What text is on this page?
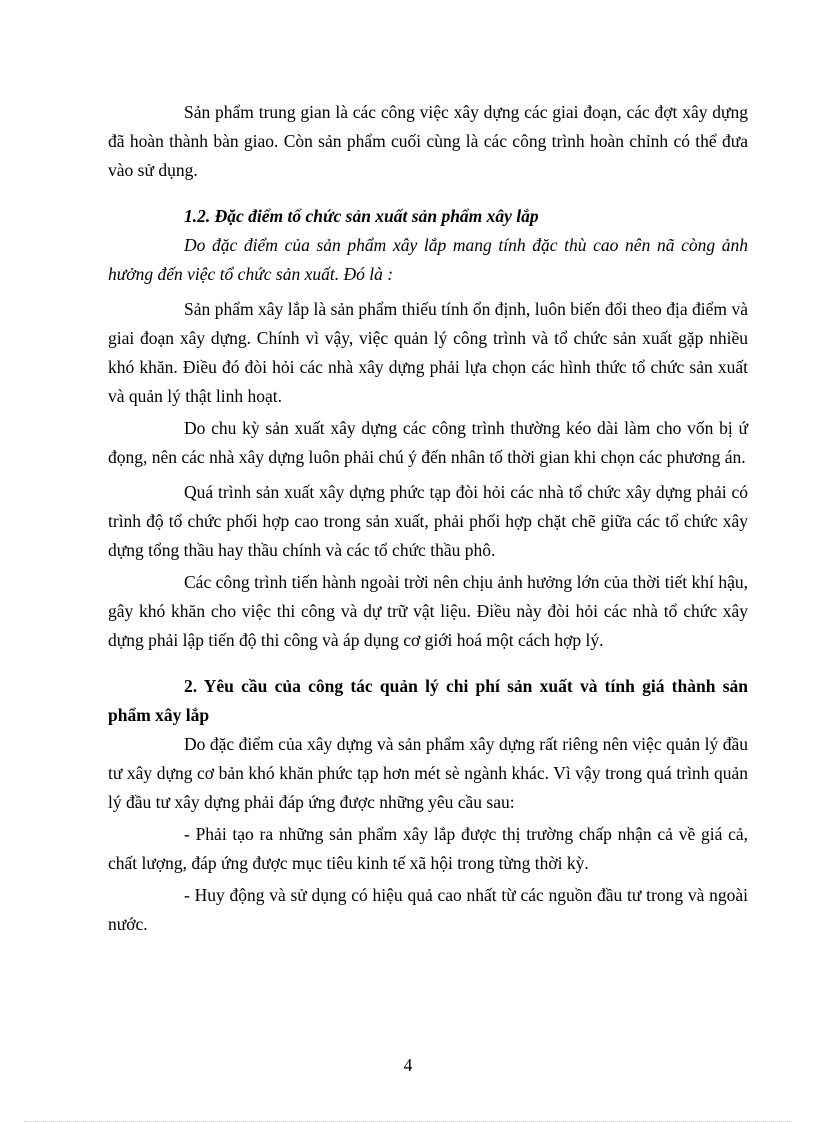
Sản phẩm trung gian là các công việc xây dựng các giai đoạn, các đợt xây dựng đã hoàn thành bàn giao. Còn sản phẩm cuối cùng là các công trình hoàn chỉnh có thể đưa vào sử dụng.

1.2. Đặc điểm tổ chức sản xuất sản phẩm xây lắp

Do đặc điểm của sản phẩm xây lắp mang tính đặc thù cao nên nã còng ảnh hưởng đến việc tổ chức sản xuất. Đó là :

Sản phẩm xây lắp là sản phẩm thiếu tính ổn định, luôn biến đổi theo địa điểm và giai đoạn xây dựng. Chính vì vậy, việc quản lý công trình và tổ chức sản xuất gặp nhiều khó khăn. Điều đó đòi hỏi các nhà xây dựng phải lựa chọn các hình thức tổ chức sản xuất và quản lý thật linh hoạt.

Do chu kỳ sản xuất xây dựng các công trình thường kéo dài làm cho vốn bị ứ đọng, nên các nhà xây dựng luôn phải chú ý đến nhân tố thời gian khi chọn các phương án.

Quá trình sản xuất xây dựng phức tạp đòi hỏi các nhà tổ chức xây dựng phải có trình độ tổ chức phối hợp cao trong sản xuất, phải phối hợp chặt chẽ giữa các tổ chức xây dựng tổng thầu hay thầu chính và các tổ chức thầu phô.

Các công trình tiến hành ngoài trời nên chịu ảnh hưởng lớn của thời tiết khí hậu, gây khó khăn cho việc thi công và dự trữ vật liệu. Điều này đòi hỏi các nhà tổ chức xây dựng phải lập tiến độ thi công và áp dụng cơ giới hoá một cách hợp lý.

2. Yêu cầu của công tác quản lý chi phí sản xuất và tính giá thành sản phẩm xây lắp

Do đặc điểm của xây dựng và sản phẩm xây dựng rất riêng nên việc quản lý đầu tư xây dựng cơ bản khó khăn phức tạp hơn mét sè ngành khác. Vì vậy trong quá trình quản lý đầu tư xây dựng phải đáp ứng được những yêu cầu sau:

- Phải tạo ra những sản phẩm xây lắp được thị trường chấp nhận cả về giá cả, chất lượng, đáp ứng được mục tiêu kinh tế xã hội trong từng thời kỳ.

- Huy động và sử dụng có hiệu quả cao nhất từ các nguồn đầu tư trong và ngoài nước.

4
